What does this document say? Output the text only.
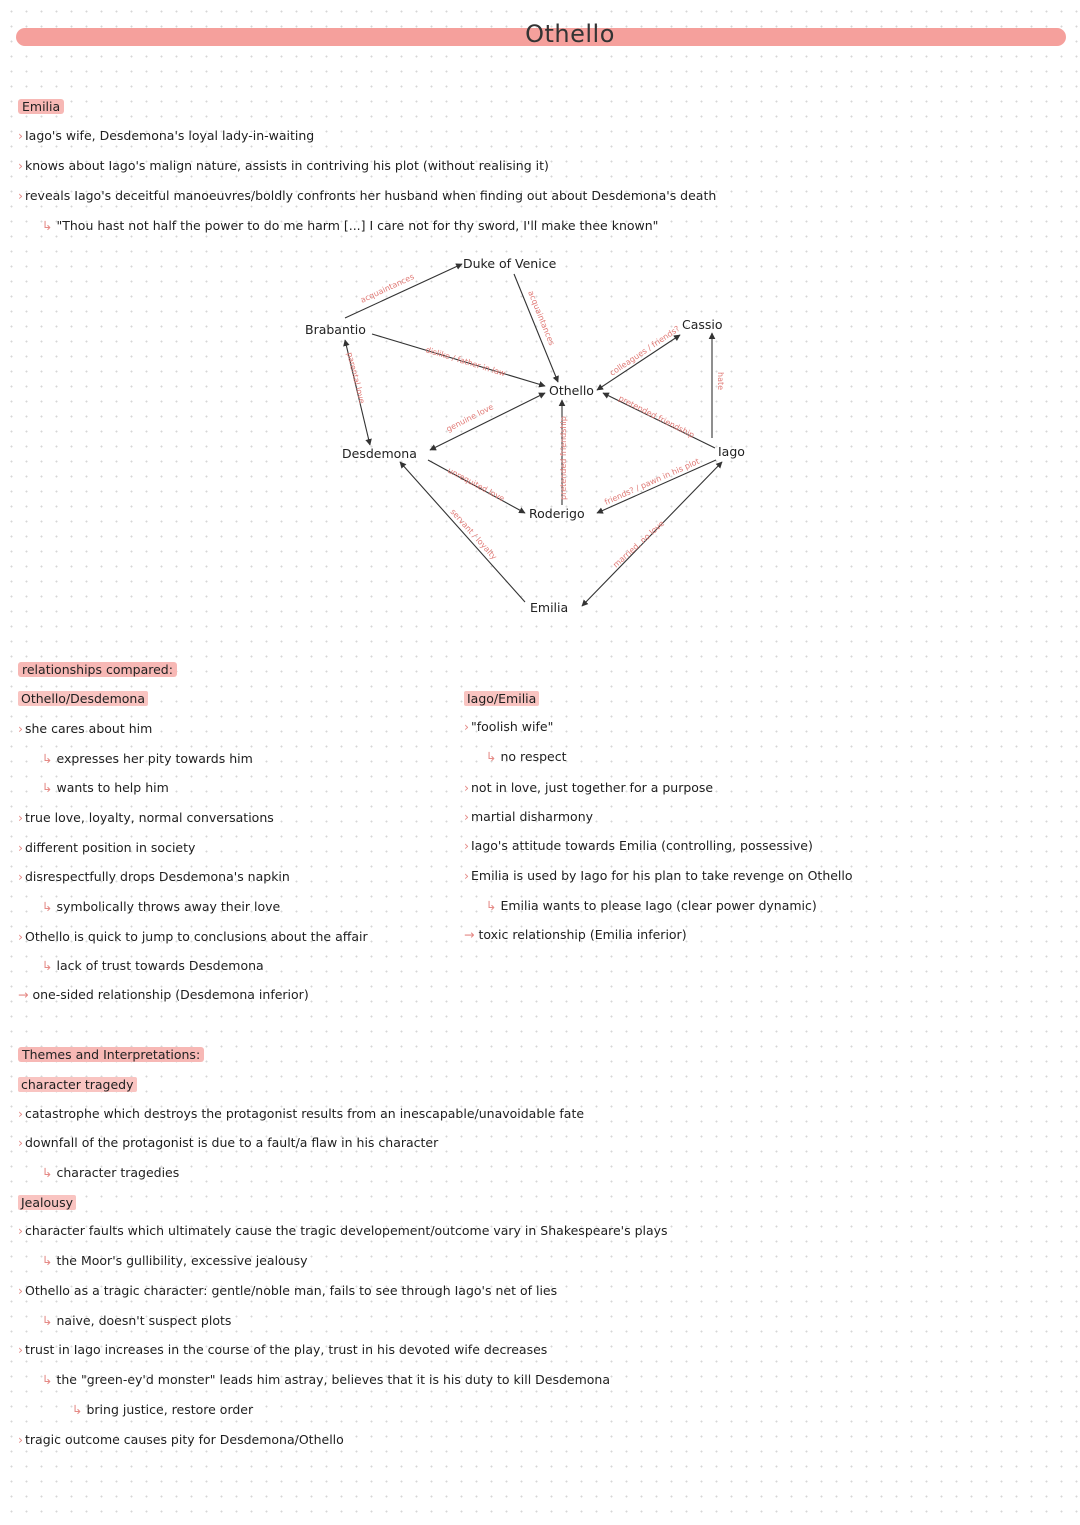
Othello
Emilia
› Iago's wife, Desdemona's loyal lady-in-waiting
› knows about Iago's malign nature, assists in contriving his plot (without realising it)
› reveals Iago's deceitful manoeuvres/boldly confronts her husband when finding out about Desdemona's death
↳ "Thou hast not half the power to do me harm [...] I care not for thy sword, I'll make thee known"
Duke of Venice
Brabantio	Cassio
Othello
Desdemona	Iago
Roderigo
Emilia
acquaintances
acquaintances
dislike / father in law
parental love
genuine love
unrequited love
servant / loyalty
pretended friendship
colleagues / friends?
pretended friendship
hate
friends? / pawn in his plot
married, no love
relationships compared:
Othello/Desdemona
› she cares about him
↳ expresses her pity towards him
↳ wants to help him
› true love, loyalty, normal conversations
› different position in society
› disrespectfully drops Desdemona's napkin
↳ symbolically throws away their love
› Othello is quick to jump to conclusions about the affair
↳ lack of trust towards Desdemona
→ one-sided relationship (Desdemona inferior)
Iago/Emilia
› "foolish wife"
↳ no respect
› not in love, just together for a purpose
› martial disharmony
› Iago's attitude towards Emilia (controlling, possessive)
› Emilia is used by Iago for his plan to take revenge on Othello
↳ Emilia wants to please Iago (clear power dynamic)
→ toxic relationship (Emilia inferior)
Themes and Interpretations:
character tragedy
› catastrophe which destroys the protagonist results from an inescapable/unavoidable fate
› downfall of the protagonist is due to a fault/a flaw in his character
↳ character tragedies
Jealousy
› character faults which ultimately cause the tragic developement/outcome vary in Shakespeare's plays
↳ the Moor's gullibility, excessive jealousy
› Othello as a tragic character: gentle/noble man, fails to see through Iago's net of lies
↳ naive, doesn't suspect plots
› trust in Iago increases in the course of the play, trust in his devoted wife decreases
↳ the "green-ey'd monster" leads him astray, believes that it is his duty to kill Desdemona
↳ bring justice, restore order
› tragic outcome causes pity for Desdemona/Othello
